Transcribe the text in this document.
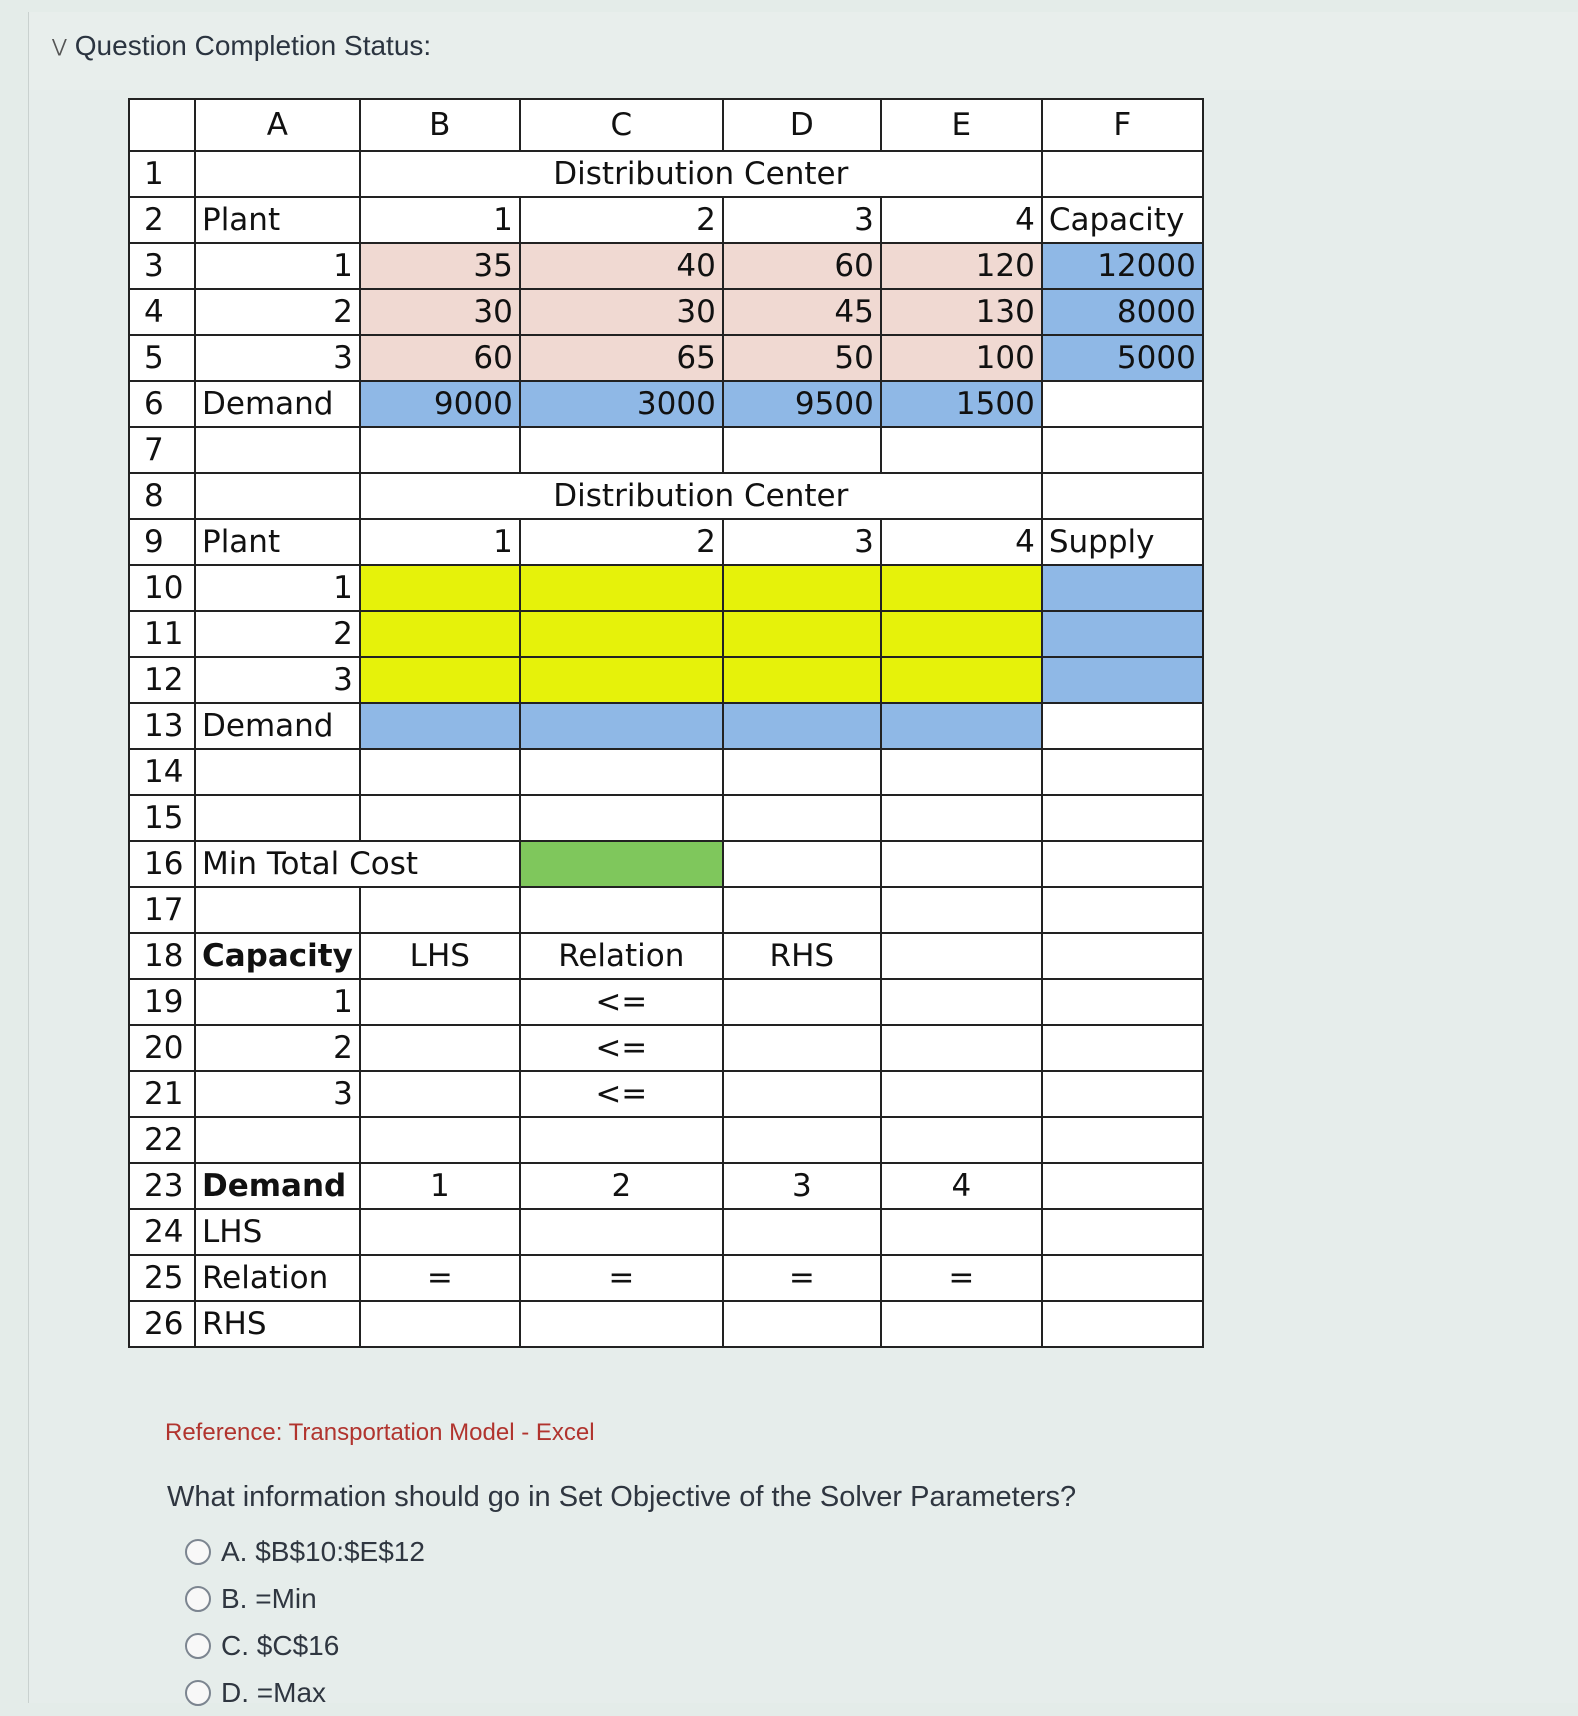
⋁ Question Completion Status:
	A	B	C	D	E	F
1		Distribution Center				
2	Plant	1	2	3	4	Capacity
3	1	35	40	60	120	12000
4	2	30	30	45	130	8000
5	3	60	65	50	100	5000
6	Demand	9000	3000	9500	1500	
7						
8		Distribution Center				
9	Plant	1	2	3	4	Supply
10	1					
11	2					
12	3					
13	Demand					
14						
15						
16	Min Total Cost					
17						
18	Capacity	LHS	Relation	RHS		
19	1		<=			
20	2		<=			
21	3		<=			
22						
23	Demand	1	2	3	4	
24	LHS					
25	Relation	=	=	=	=	
26	RHS					
Reference: Transportation Model - Excel
What information should go in Set Objective of the Solver Parameters?
A. $B$10:$E$12
B. =Min
C. $C$16
D. =Max
